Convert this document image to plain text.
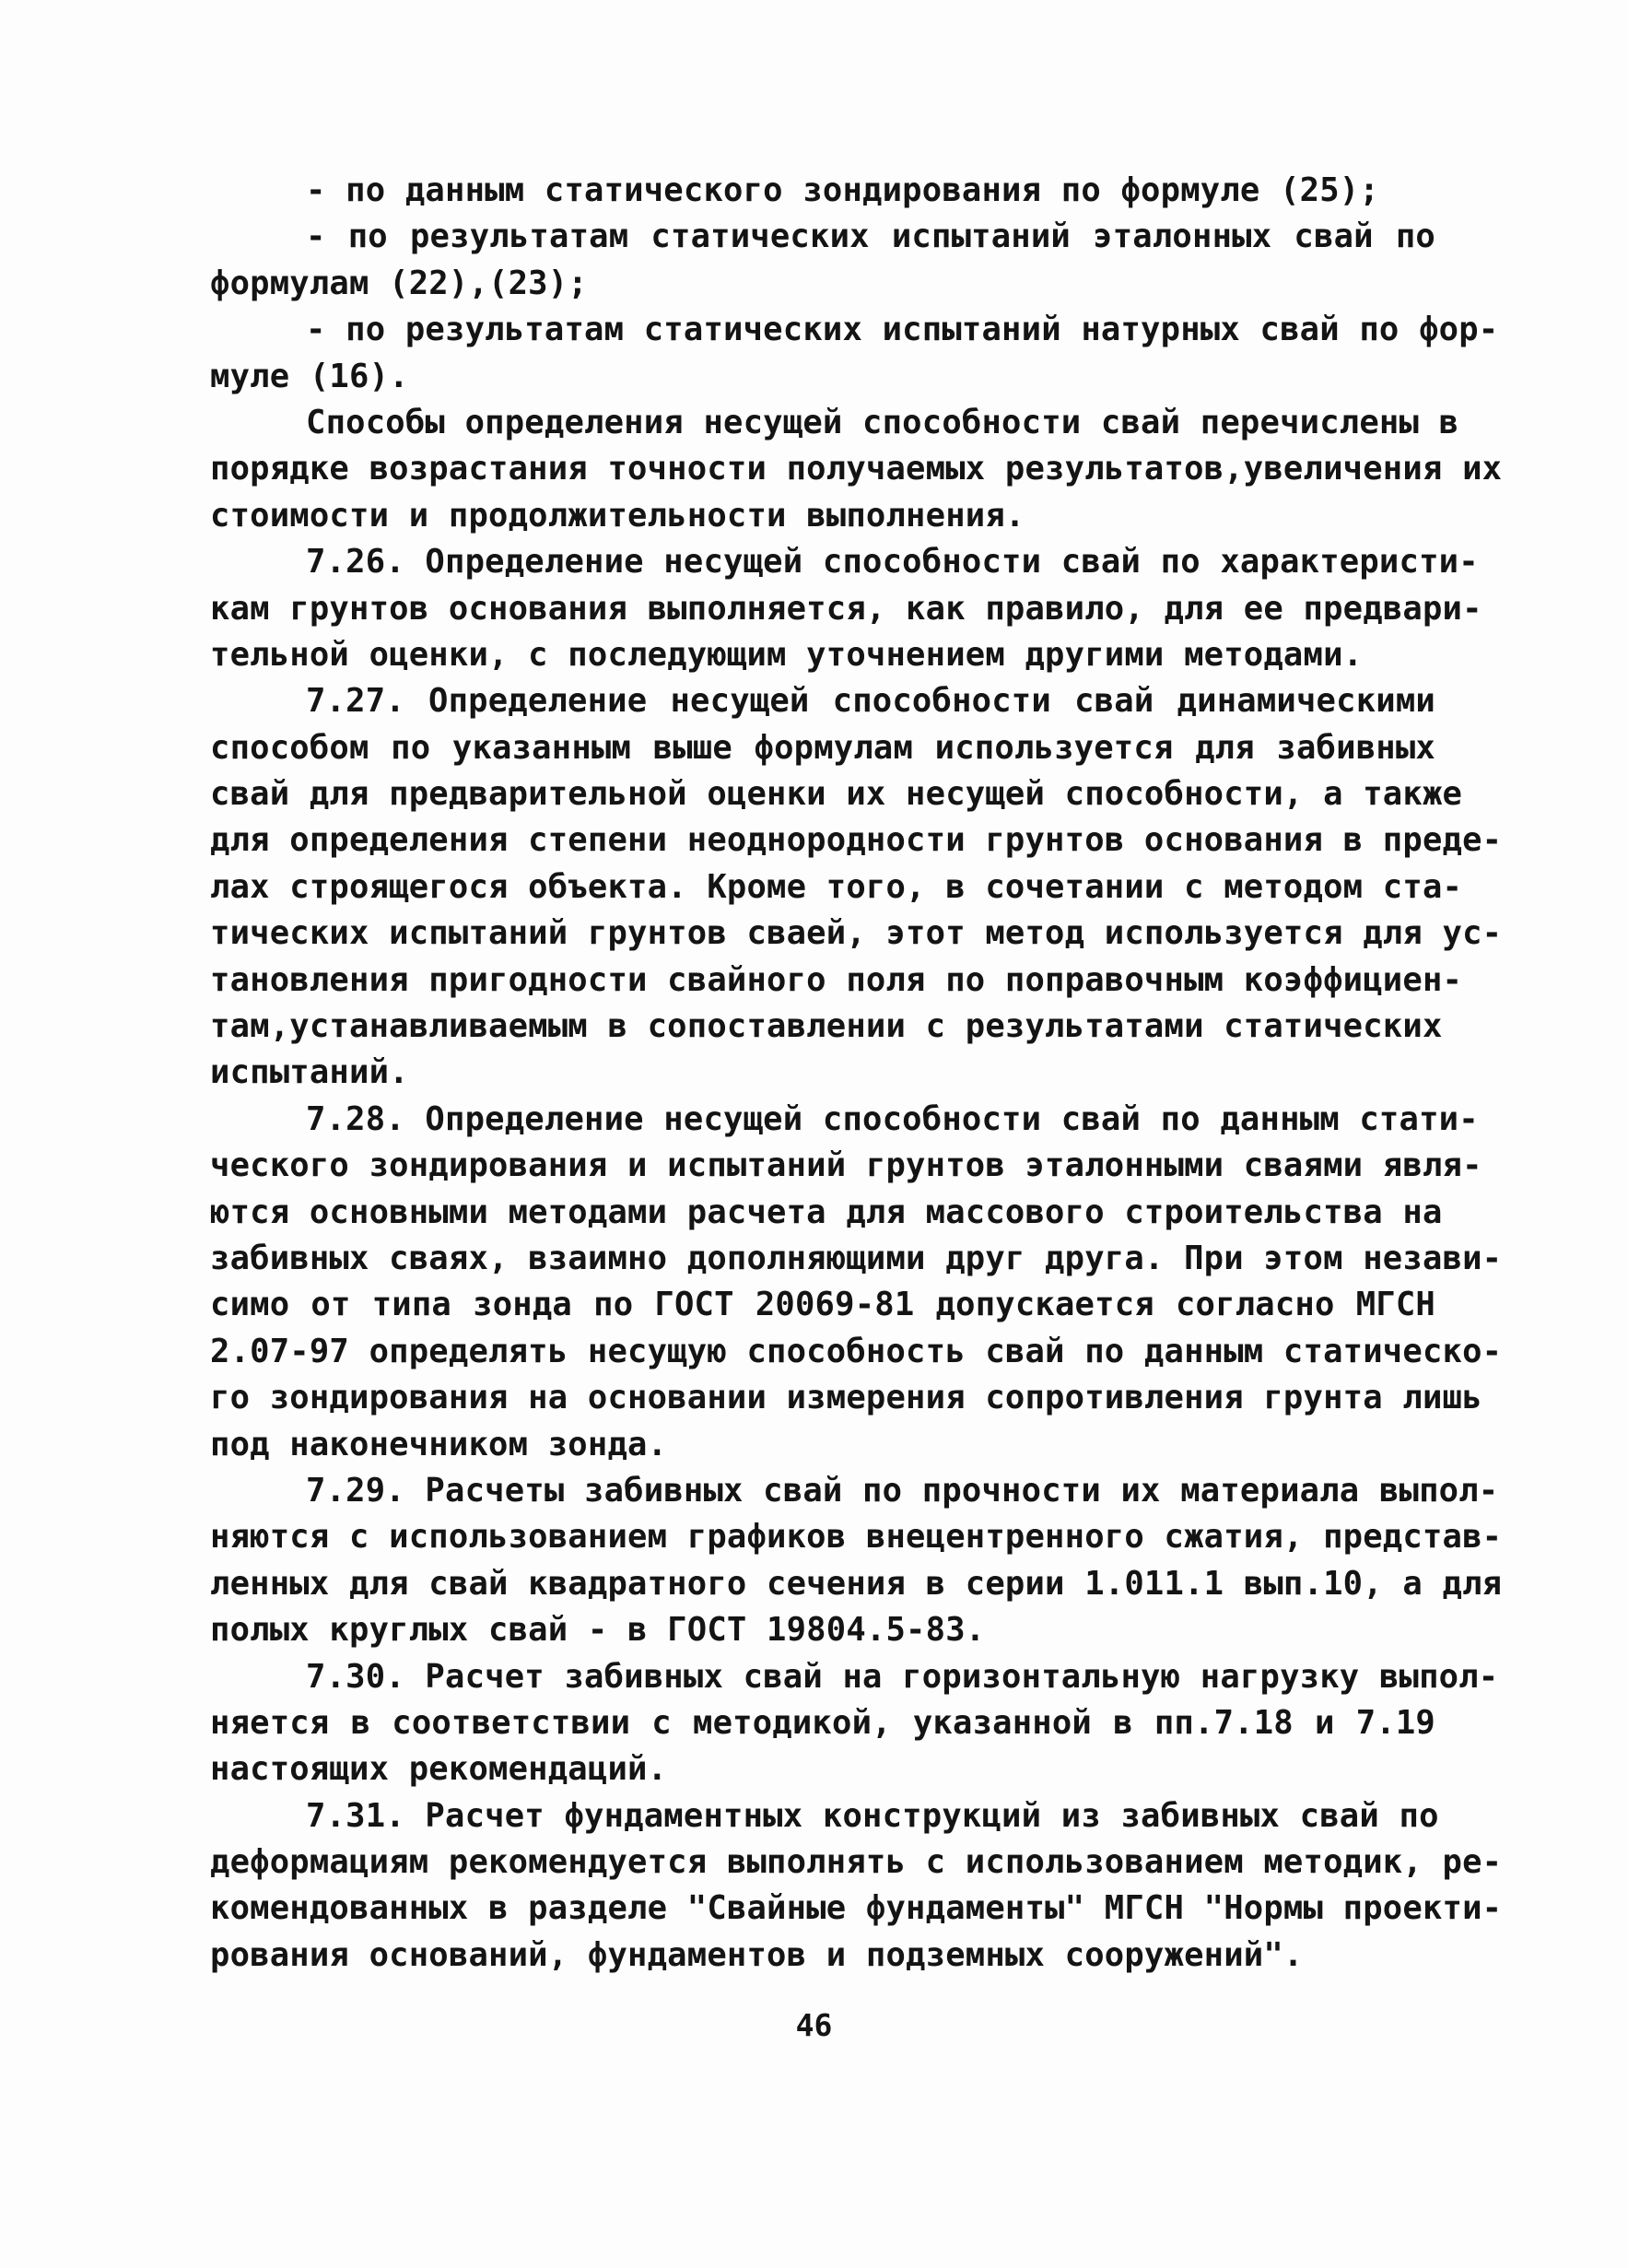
- по данным статического зондирования по формуле (25);
- по результатам статических испытаний эталонных свай по
формулам (22),(23);
- по результатам статических испытаний натурных свай по фор-
муле (16).
Способы определения несущей способности свай перечислены в
порядке возрастания точности получаемых результатов,увеличения их
стоимости и продолжительности выполнения.
7.26. Определение несущей способности свай по характеристи-
кам грунтов основания выполняется, как правило, для ее предвари-
тельной оценки, с последующим уточнением другими методами.
7.27. Определение несущей способности свай динамическими
способом по указанным выше формулам используется для забивных
свай для предварительной оценки их несущей способности, а также
для определения степени неоднородности грунтов основания в преде-
лах строящегося объекта. Кроме того, в сочетании с методом ста-
тических испытаний грунтов сваей, этот метод используется для ус-
тановления пригодности свайного поля по поправочным коэффициен-
там,устанавливаемым в сопоставлении с результатами статических
испытаний.
7.28. Определение несущей способности свай по данным стати-
ческого зондирования и испытаний грунтов эталонными сваями явля-
ются основными методами расчета для массового строительства на
забивных сваях, взаимно дополняющими друг друга. При этом незави-
симо от типа зонда по ГОСТ 20069-81 допускается согласно МГСН
2.07-97 определять несущую способность свай по данным статическо-
го зондирования на основании измерения сопротивления грунта лишь
под наконечником зонда.
7.29. Расчеты забивных свай по прочности их материала выпол-
няются с использованием графиков внецентренного сжатия, представ-
ленных для свай квадратного сечения в серии 1.011.1 вып.10, а для
полых круглых свай - в ГОСТ 19804.5-83.
7.30. Расчет забивных свай на горизонтальную нагрузку выпол-
няется в соответствии с методикой, указанной в пп.7.18 и 7.19
настоящих рекомендаций.
7.31. Расчет фундаментных конструкций из забивных свай по
деформациям рекомендуется выполнять с использованием методик, ре-
комендованных в разделе "Свайные фундаменты" МГСН "Нормы проекти-
рования оснований, фундаментов и подземных сооружений".
46
